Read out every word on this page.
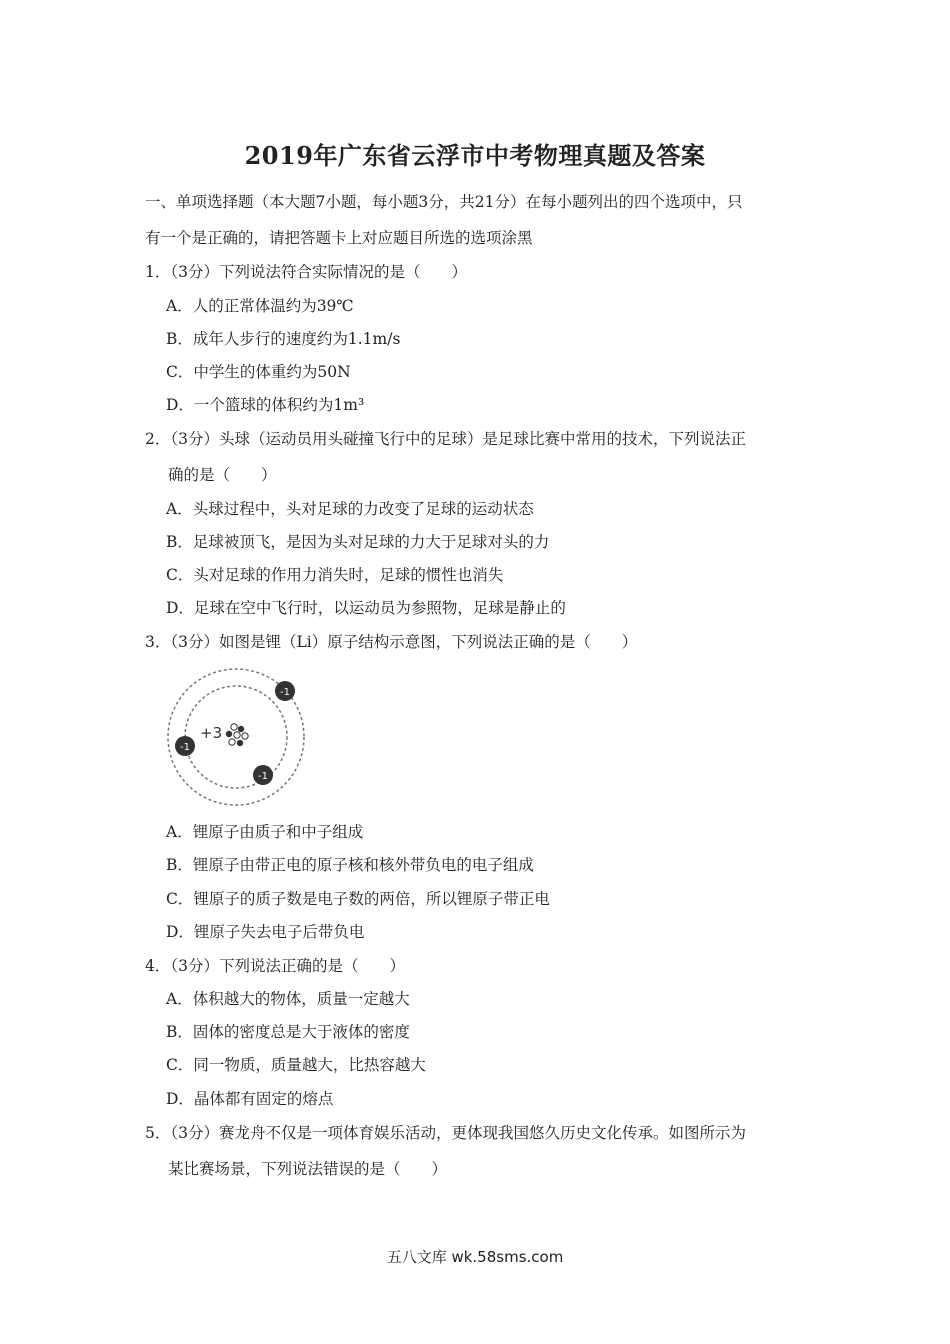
2019年广东省云浮市中考物理真题及答案
一、单项选择题（本大题7小题，每小题3分，共21分）在每小题列出的四个选项中，只
有一个是正确的，请把答题卡上对应题目所选的选项涂黑
1．（3分）下列说法符合实际情况的是（　　）
A．人的正常体温约为39℃
B．成年人步行的速度约为1.1m/s
C．中学生的体重约为50N
D．一个篮球的体积约为1m³
2．（3分）头球（运动员用头碰撞飞行中的足球）是足球比赛中常用的技术，下列说法正
确的是（　　）
A．头球过程中，头对足球的力改变了足球的运动状态
B．足球被顶飞，是因为头对足球的力大于足球对头的力
C．头对足球的作用力消失时，足球的惯性也消失
D．足球在空中飞行时，以运动员为参照物，足球是静止的
3．（3分）如图是锂（Li）原子结构示意图，下列说法正确的是（　　）
+3
-1
-1
-1
A．锂原子由质子和中子组成
B．锂原子由带正电的原子核和核外带负电的电子组成
C．锂原子的质子数是电子数的两倍，所以锂原子带正电
D．锂原子失去电子后带负电
4．（3分）下列说法正确的是（　　）
A．体积越大的物体，质量一定越大
B．固体的密度总是大于液体的密度
C．同一物质，质量越大，比热容越大
D．晶体都有固定的熔点
5．（3分）赛龙舟不仅是一项体育娱乐活动，更体现我国悠久历史文化传承。如图所示为
某比赛场景，下列说法错误的是（　　）
五八文库 wk.58sms.com
